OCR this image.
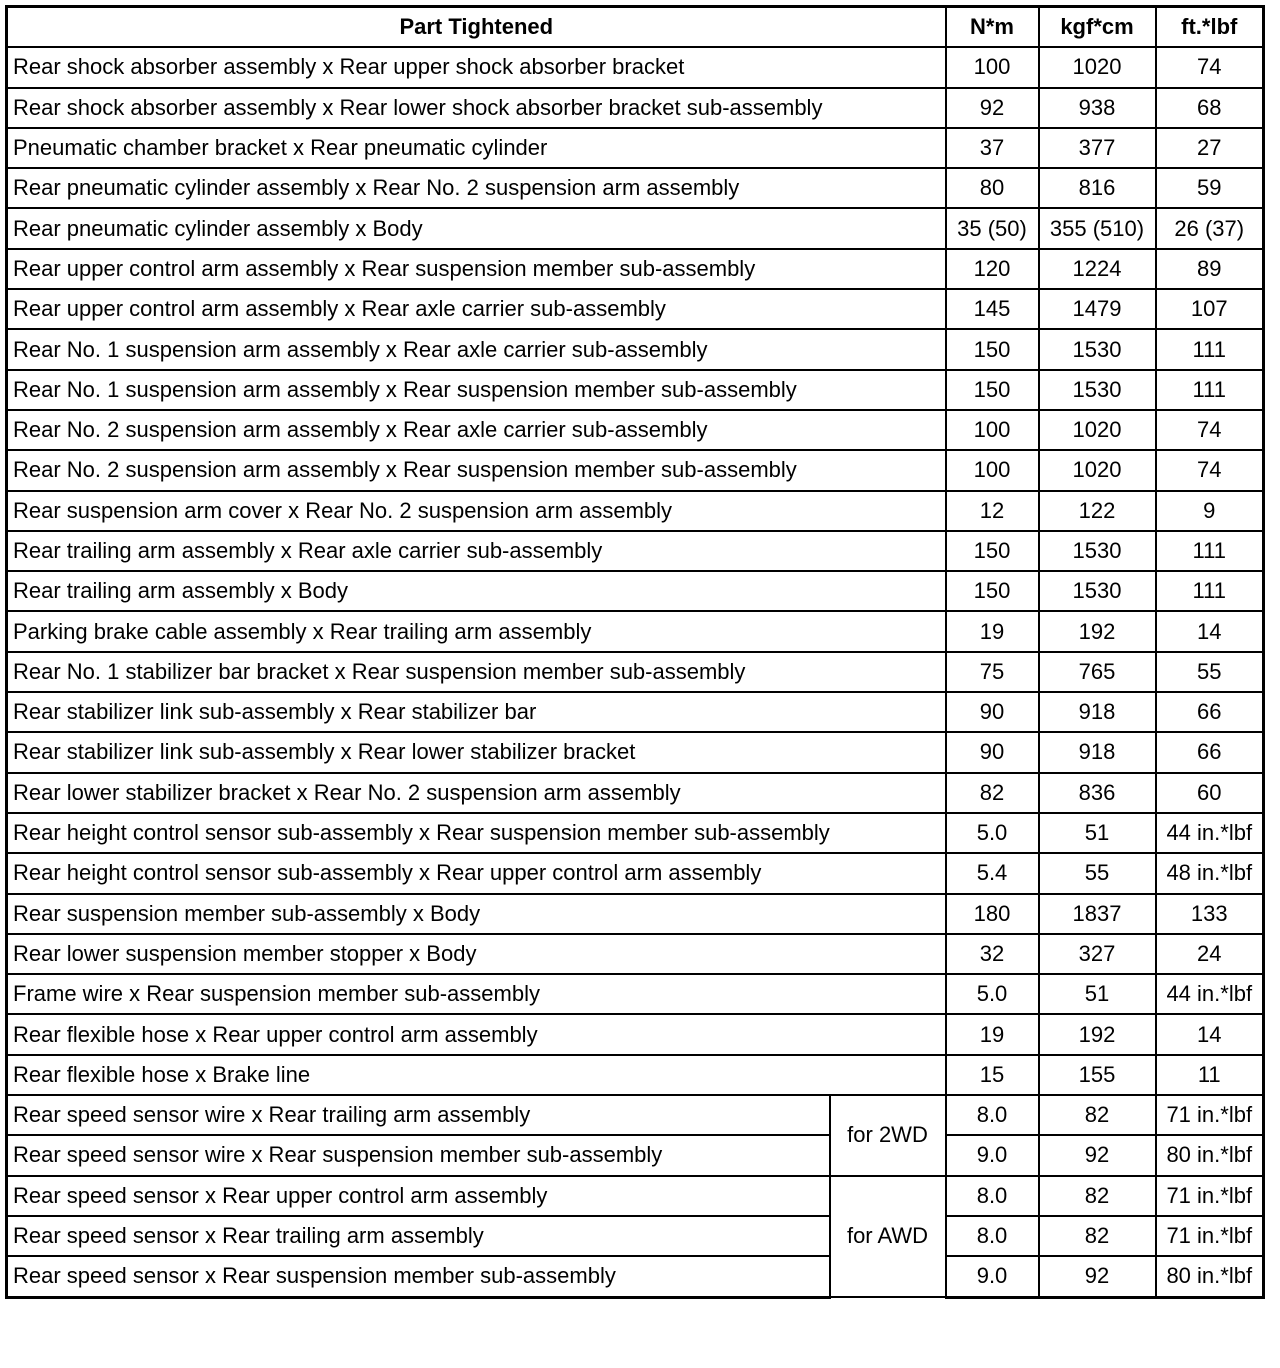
Part Tightened		N*m	kgf*cm	ft.*lbf
Rear shock absorber assembly x Rear upper shock absorber bracket		100	1020	74
Rear shock absorber assembly x Rear lower shock absorber bracket sub-assembly		92	938	68
Pneumatic chamber bracket x Rear pneumatic cylinder		37	377	27
Rear pneumatic cylinder assembly x Rear No. 2 suspension arm assembly		80	816	59
Rear pneumatic cylinder assembly x Body		35 (50)	355 (510)	26 (37)
Rear upper control arm assembly x Rear suspension member sub-assembly		120	1224	89
Rear upper control arm assembly x Rear axle carrier sub-assembly		145	1479	107
Rear No. 1 suspension arm assembly x Rear axle carrier sub-assembly		150	1530	111
Rear No. 1 suspension arm assembly x Rear suspension member sub-assembly		150	1530	111
Rear No. 2 suspension arm assembly x Rear axle carrier sub-assembly		100	1020	74
Rear No. 2 suspension arm assembly x Rear suspension member sub-assembly		100	1020	74
Rear suspension arm cover x Rear No. 2 suspension arm assembly		12	122	9
Rear trailing arm assembly x Rear axle carrier sub-assembly		150	1530	111
Rear trailing arm assembly x Body		150	1530	111
Parking brake cable assembly x Rear trailing arm assembly		19	192	14
Rear No. 1 stabilizer bar bracket x Rear suspension member sub-assembly		75	765	55
Rear stabilizer link sub-assembly x Rear stabilizer bar		90	918	66
Rear stabilizer link sub-assembly x Rear lower stabilizer bracket		90	918	66
Rear lower stabilizer bracket x Rear No. 2 suspension arm assembly		82	836	60
Rear height control sensor sub-assembly x Rear suspension member sub-assembly		5.0	51	44 in.*lbf
Rear height control sensor sub-assembly x Rear upper control arm assembly		5.4	55	48 in.*lbf
Rear suspension member sub-assembly x Body		180	1837	133
Rear lower suspension member stopper x Body		32	327	24
Frame wire x Rear suspension member sub-assembly		5.0	51	44 in.*lbf
Rear flexible hose x Rear upper control arm assembly		19	192	14
Rear flexible hose x Brake line		15	155	11
Rear speed sensor wire x Rear trailing arm assembly	for 2WD	8.0	82	71 in.*lbf
Rear speed sensor wire x Rear suspension member sub-assembly		9.0	92	80 in.*lbf
Rear speed sensor x Rear upper control arm assembly	for AWD	8.0	82	71 in.*lbf
Rear speed sensor x Rear trailing arm assembly		8.0	82	71 in.*lbf
Rear speed sensor x Rear suspension member sub-assembly		9.0	92	80 in.*lbf
